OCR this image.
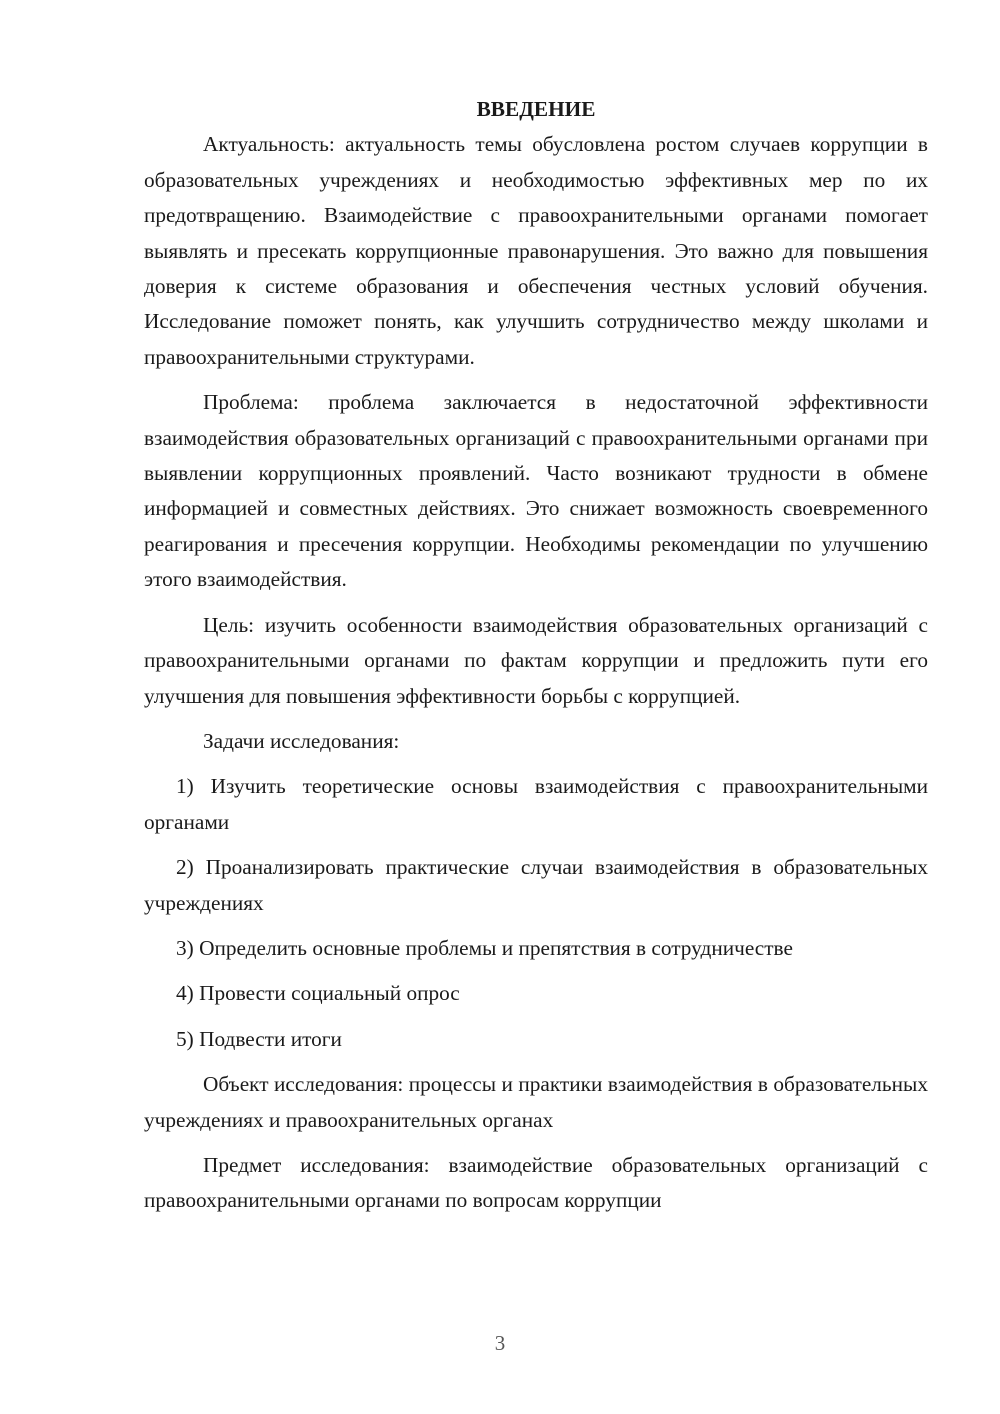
ВВЕДЕНИЕ

Актуальность: актуальность темы обусловлена ростом случаев коррупции в образовательных учреждениях и необходимостью эффективных мер по их предотвращению. Взаимодействие с правоохранительными органами помогает выявлять и пресекать коррупционные правонарушения. Это важно для повышения доверия к системе образования и обеспечения честных условий обучения. Исследование поможет понять, как улучшить сотрудничество между школами и правоохранительными структурами.

Проблема: проблема заключается в недостаточной эффективности взаимодействия образовательных организаций с правоохранительными органами при выявлении коррупционных проявлений. Часто возникают трудности в обмене информацией и совместных действиях. Это снижает возможность своевременного реагирования и пресечения коррупции. Необходимы рекомендации по улучшению этого взаимодействия.

Цель: изучить особенности взаимодействия образовательных организаций с правоохранительными органами по фактам коррупции и предложить пути его улучшения для повышения эффективности борьбы с коррупцией.

Задачи исследования:

1) Изучить теоретические основы взаимодействия с правоохранительными органами

2) Проанализировать практические случаи взаимодействия в образовательных учреждениях

3) Определить основные проблемы и препятствия в сотрудничестве

4) Провести социальный опрос

5) Подвести итоги

Объект исследования: процессы и практики взаимодействия в образовательных учреждениях и правоохранительных органах

Предмет исследования: взаимодействие образовательных организаций с правоохранительными органами по вопросам коррупции

3
